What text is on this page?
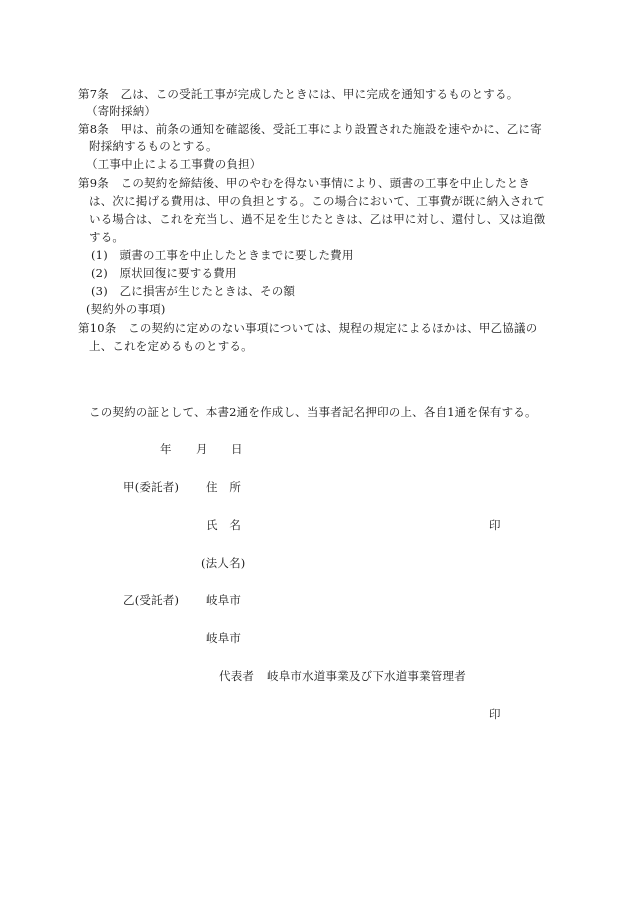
第7条　乙は、この受託工事が完成したときには、甲に完成を通知するものとする。
（寄附採納）
第8条　甲は、前条の通知を確認後、受託工事により設置された施設を速やかに、乙に寄
附採納するものとする。
（工事中止による工事費の負担）
第9条　この契約を締結後、甲のやむを得ない事情により、頭書の工事を中止したとき
は、次に掲げる費用は、甲の負担とする。この場合において、工事費が既に納入されて
いる場合は、これを充当し、過不足を生じたときは、乙は甲に対し、還付し、又は追徴
する。
(1)　頭書の工事を中止したときまでに要した費用
(2)　原状回復に要する費用
(3)　乙に損害が生じたときは、その額
(契約外の事項)
第10条　この契約に定めのない事項については、規程の規定によるほかは、甲乙協議の
上、これを定めるものとする。
この契約の証として、本書2通を作成し、当事者記名押印の上、各自1通を保有する。
年 月 日
甲(委託者) 住　所
氏　名	印
(法人名)
乙(受託者) 岐阜市
岐阜市
代表者 岐阜市水道事業及び下水道事業管理者
印
